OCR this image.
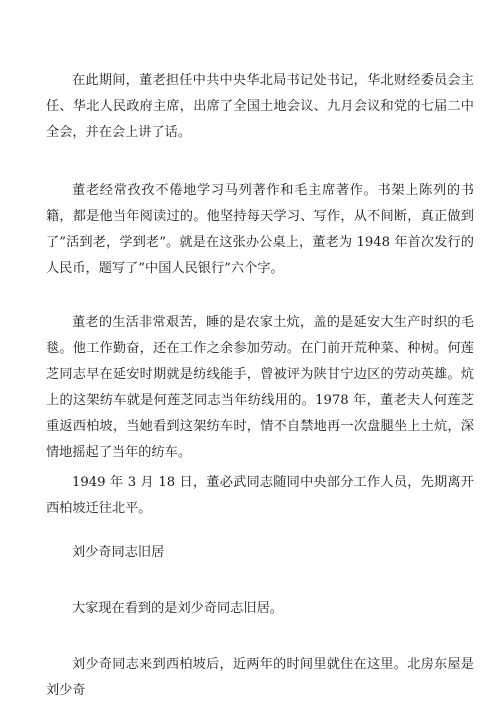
在此期间，董老担任中共中央华北局书记处书记，华北财经委员会主任、华北人民政府主席，出席了全国土地会议、九月会议和党的七届二中全会，并在会上讲了话。

董老经常孜孜不倦地学习马列著作和毛主席著作。书架上陈列的书籍，都是他当年阅读过的。他坚持每天学习、写作，从不间断，真正做到了”活到老，学到老”。就是在这张办公桌上，董老为 1948 年首次发行的人民币，题写了”中国人民银行”六个字。

董老的生活非常艰苦，睡的是农家土炕，盖的是延安大生产时织的毛毯。他工作勤奋，还在工作之余参加劳动。在门前开荒种菜、种树。何莲芝同志早在延安时期就是纺线能手，曾被评为陕甘宁边区的劳动英雄。炕上的这架纺车就是何莲芝同志当年纺线用的。1978 年，董老夫人何莲芝重返西柏坡，当她看到这架纺车时，情不自禁地再一次盘腿坐上土炕，深情地摇起了当年的纺车。

1949 年 3 月 18 日，董必武同志随同中央部分工作人员，先期离开西柏坡迁往北平。

刘少奇同志旧居

大家现在看到的是刘少奇同志旧居。

刘少奇同志来到西柏坡后，近两年的时间里就住在这里。北房东屋是刘少奇
